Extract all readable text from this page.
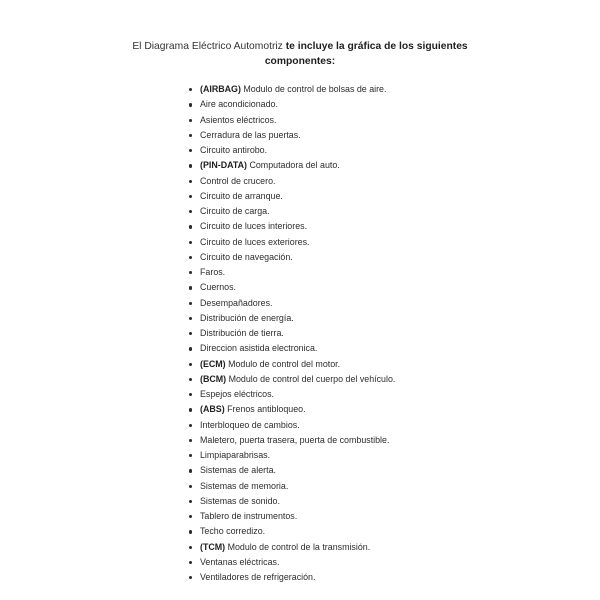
El Diagrama Eléctrico Automotriz te incluye la gráfica de los siguientes
componentes:
(AIRBAG) Modulo de control de bolsas de aire.
Aire acondicionado.
Asientos eléctricos.
Cerradura de las puertas.
Circuito antirobo.
(PIN-DATA) Computadora del auto.
Control de crucero.
Circuito de arranque.
Circuito de carga.
Circuito de luces interiores.
Circuito de luces exteriores.
Circuito de navegación.
Faros.
Cuernos.
Desempañadores.
Distribución de energía.
Distribución de tierra.
Direccion asistida electronica.
(ECM) Modulo de control del motor.
(BCM) Modulo de control del cuerpo del vehículo.
Espejos eléctricos.
(ABS) Frenos antibloqueo.
Interbloqueo de cambios.
Maletero, puerta trasera, puerta de combustible.
Limpiaparabrisas.
Sistemas de alerta.
Sistemas de memoria.
Sistemas de sonido.
Tablero de instrumentos.
Techo corredizo.
(TCM) Modulo de control de la transmisión.
Ventanas eléctricas.
Ventiladores de refrigeración.
